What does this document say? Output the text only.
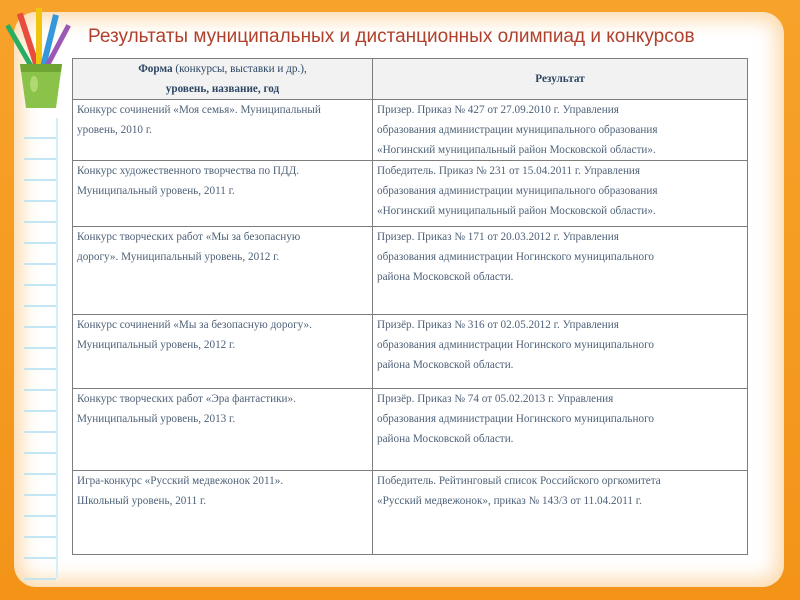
Результаты муниципальных и дистанционных олимпиад и конкурсов
Форма (конкурсы, выставки и др.),
уровень, название, год	Результат

Конкурс сочинений «Моя семья». Муниципальный
уровень, 2010 г.	Призер. Приказ № 427 от 27.09.2010 г. Управления
образования администрации муниципального образования
«Ногинский муниципальный район Московской области».

Конкурс художественного творчества по ПДД.
Муниципальный уровень, 2011 г.	Победитель. Приказ № 231 от 15.04.2011 г. Управления
образования администрации муниципального образования
«Ногинский муниципальный район Московской области».

Конкурс творческих работ «Мы за безопасную
дорогу». Муниципальный уровень, 2012 г.	Призер. Приказ № 171 от 20.03.2012 г. Управления
образования администрации Ногинского муниципального
района Московской области.

Конкурс сочинений «Мы за безопасную дорогу».
Муниципальный уровень, 2012 г.	Призёр. Приказ № 316 от 02.05.2012 г. Управления
образования администрации Ногинского муниципального
района Московской области.

Конкурс творческих работ «Эра фантастики».
Муниципальный уровень, 2013 г.	Призёр. Приказ № 74 от 05.02.2013 г. Управления
образования администрации Ногинского муниципального
района Московской области.

Игра-конкурс «Русский медвежонок 2011».
Школьный уровень, 2011 г.	Победитель. Рейтинговый список Российского оргкомитета
«Русский медвежонок», приказ № 143/3 от 11.04.2011 г.
